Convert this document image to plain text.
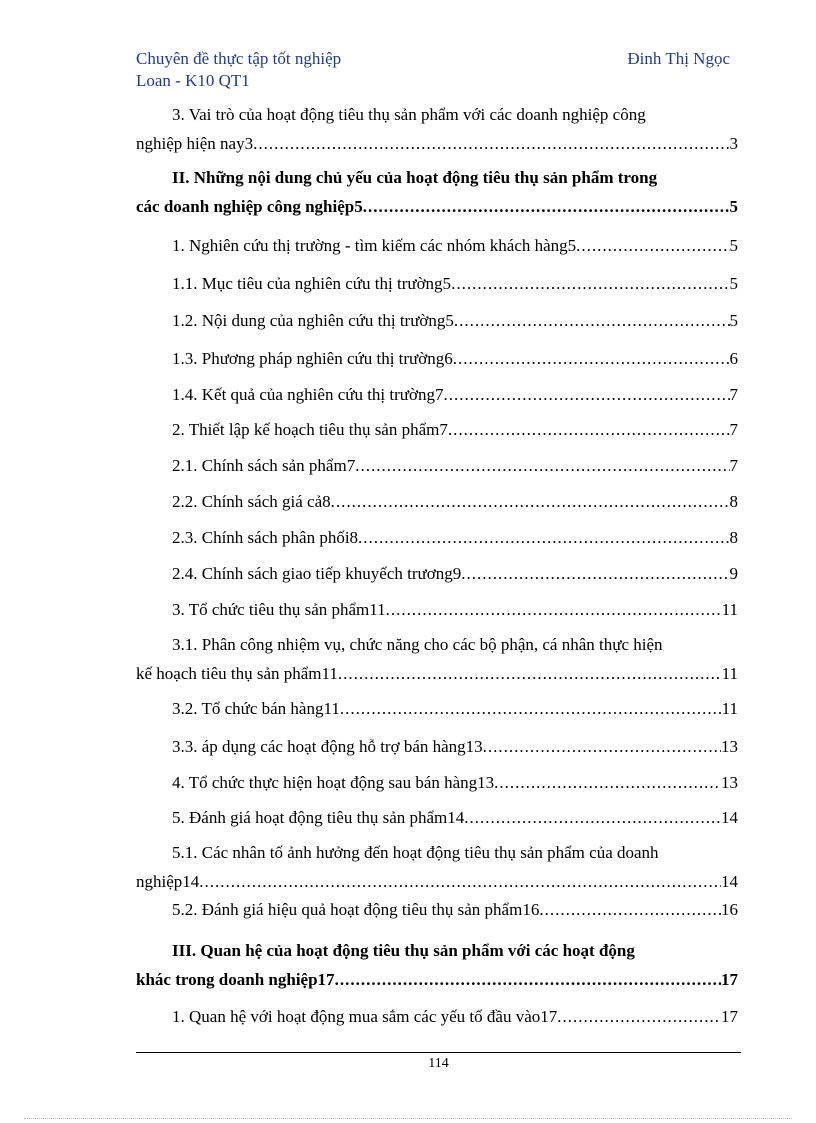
Chuyên đề thực tập tốt nghiệp	Đinh Thị Ngọc
Loan - K10 QT1
3. Vai trò của hoạt động tiêu thụ sản phẩm với các doanh nghiệp công
nghiệp hiện nay3 .....	3
II. Những nội dung chủ yếu của hoạt động tiêu thụ sản phẩm trong
các doanh nghiệp công nghiệp5 .....	5
1. Nghiên cứu thị trường - tìm kiếm các nhóm khách hàng5 .....	5
1.1. Mục tiêu của nghiên cứu thị trường5 .....	5
1.2. Nội dung của nghiên cứu thị trường5 .....	5
1.3. Phương pháp nghiên cứu thị trường6 .....	6
1.4. Kết quả của nghiên cứu thị trường7 .....	7
2. Thiết lập kế hoạch tiêu thụ sản phẩm7 .....	7
2.1. Chính sách sản phẩm7 .....	7
2.2. Chính sách giá cả8 .....	8
2.3. Chính sách phân phối8 .....	8
2.4. Chính sách giao tiếp khuyếch trương9 .....	9
3. Tổ chức tiêu thụ sản phẩm11 .....	11
3.1. Phân công nhiệm vụ, chức năng cho các bộ phận, cá nhân thực hiện
kế hoạch tiêu thụ sản phẩm11 .....	11
3.2. Tổ chức bán hàng11 .....	11
3.3. áp dụng các hoạt động hỗ trợ bán hàng13 .....	13
4. Tổ chức thực hiện hoạt động sau bán hàng13 .....	13
5. Đánh giá hoạt động tiêu thụ sản phẩm14 .....	14
5.1. Các nhân tố ảnh hưởng đến hoạt động tiêu thụ sản phẩm của doanh
nghiệp14 .....	14
5.2. Đánh giá hiệu quả hoạt động tiêu thụ sản phẩm16 .....	16
III. Quan hệ của hoạt động tiêu thụ sản phẩm với các hoạt động
khác trong doanh nghiệp17 .....	17
1. Quan hệ với hoạt động mua sắm các yếu tố đầu vào17 .....	17
114
